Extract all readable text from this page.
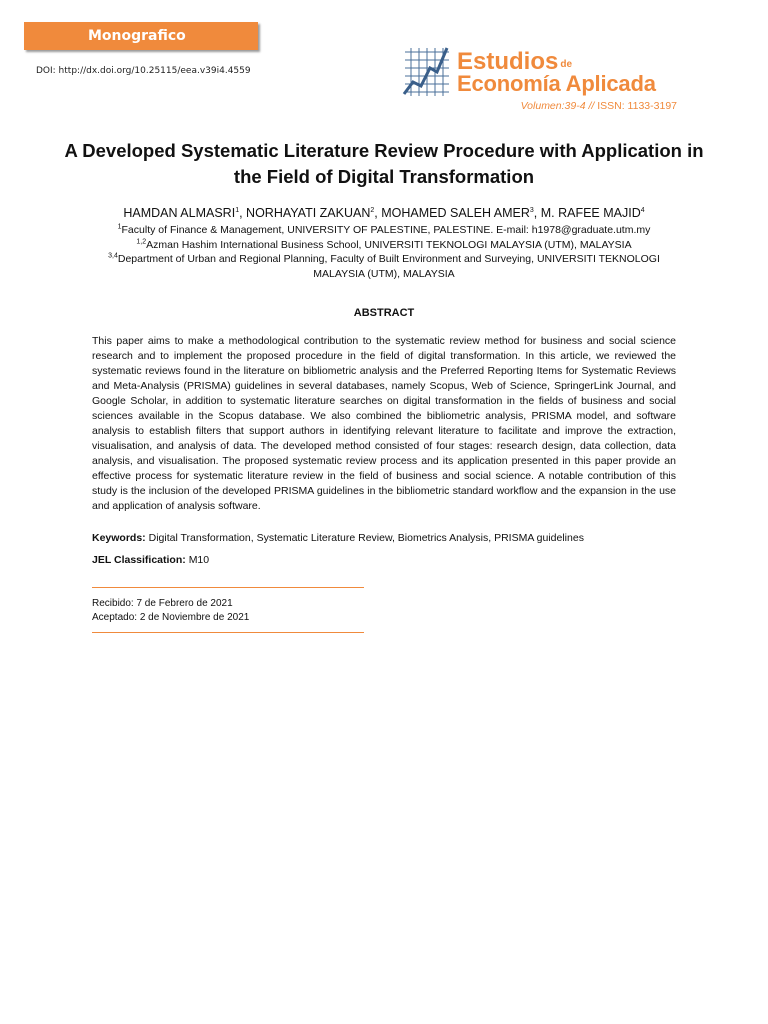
Monografico
DOI: http://dx.doi.org/10.25115/eea.v39i4.4559	Estudios de
Economía Aplicada
Volumen:39-4 // ISSN: 1133-3197
A Developed Systematic Literature Review Procedure with Application in the Field of Digital Transformation
HAMDAN ALMASRI$^1$, NORHAYATI ZAKUAN$^2$, MOHAMED SALEH AMER$^3$, M. RAFEE MAJID$^4$
$^1$Faculty of Finance & Management, UNIVERSITY OF PALESTINE, PALESTINE. E-mail: h1978@graduate.utm.my
$^{1,2}$Azman Hashim International Business School, UNIVERSITI TEKNOLOGI MALAYSIA (UTM), MALAYSIA
$^{3,4}$Department of Urban and Regional Planning, Faculty of Built Environment and Surveying, UNIVERSITI TEKNOLOGI MALAYSIA (UTM), MALAYSIA
ABSTRACT

This paper aims to make a methodological contribution to the systematic review method for business and social science research and to implement the proposed procedure in the field of digital transformation. In this article, we reviewed the systematic reviews found in the literature on bibliometric analysis and the Preferred Reporting Items for Systematic Reviews and Meta-Analysis (PRISMA) guidelines in several databases, namely Scopus, Web of Science, SpringerLink Journal, and Google Scholar, in addition to systematic literature searches on digital transformation in the fields of business and social sciences available in the Scopus database. We also combined the bibliometric analysis, PRISMA model, and software analysis to establish filters that support authors in identifying relevant literature to facilitate and improve the extraction, visualisation, and analysis of data. The developed method consisted of four stages: research design, data collection, data analysis, and visualisation. The proposed systematic review process and its application presented in this paper provide an effective process for systematic literature review in the field of business and social science. A notable contribution of this study is the inclusion of the developed PRISMA guidelines in the bibliometric standard workflow and the expansion in the use and application of analysis software.

Keywords: Digital Transformation, Systematic Literature Review, Biometrics Analysis, PRISMA guidelines
JEL Classification: M10
Recibido: 7 de Febrero de 2021
Aceptado: 2 de Noviembre de 2021
